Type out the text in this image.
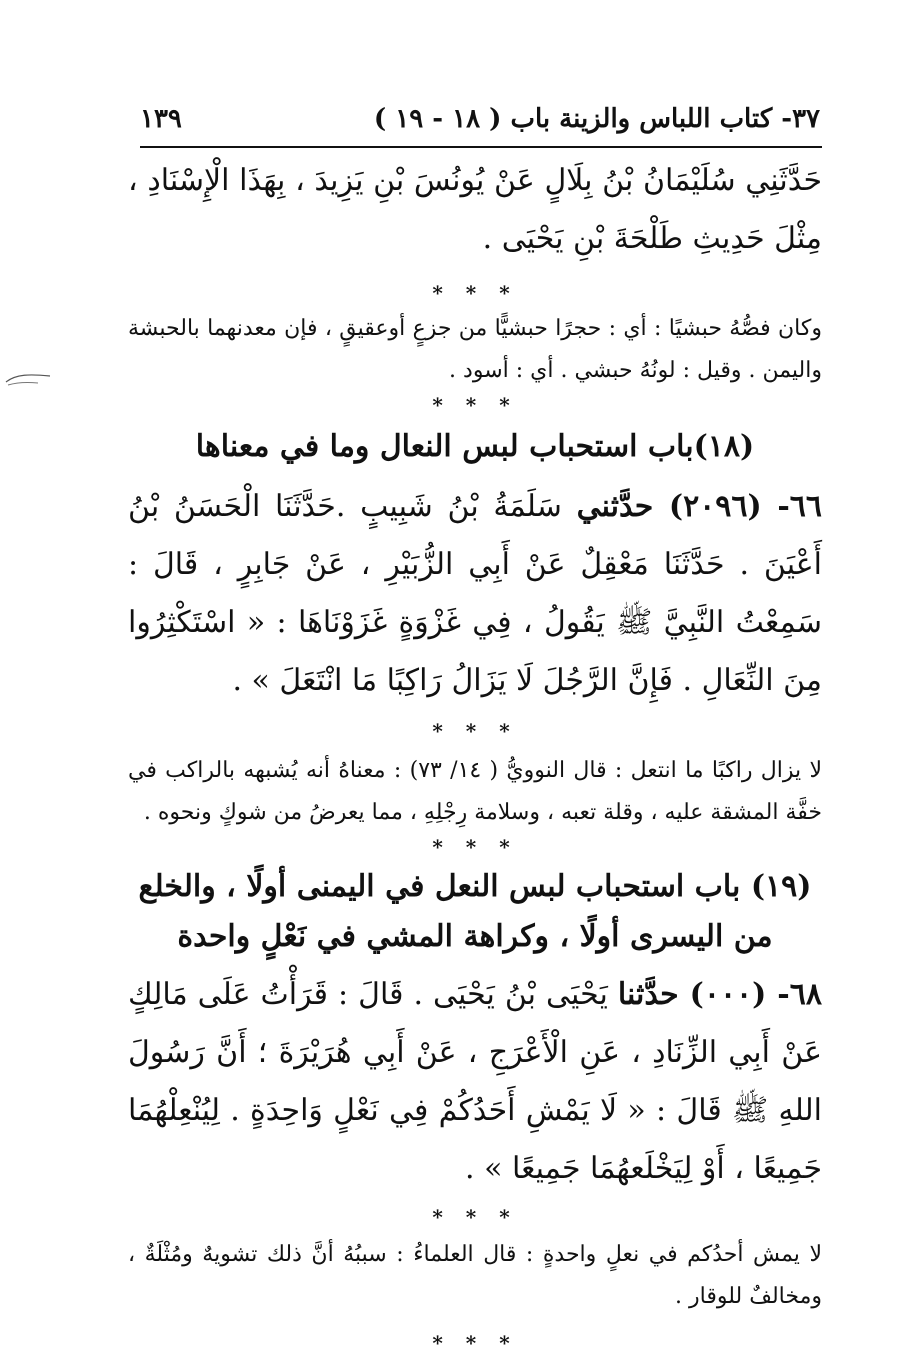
١٣٩	٣٧- كتاب اللباس والزينة باب ( ١٨ - ١٩ )

حَدَّثَنِي سُلَيْمَانُ بْنُ بِلَالٍ عَنْ يُونُسَ بْنِ يَزِيدَ ، بِهَذَا الْإِسْنَادِ ، مِثْلَ حَدِيثِ طَلْحَةَ بْنِ يَحْيَى .

* * *

وكان فصُّهُ حبشيًا : أي : حجرًا حبشيًّا من جزعٍ أوعقيقٍ ، فإن معدنهما بالحبشة واليمن . وقيل : لونُهُ حبشي . أي : أسود .

* * *
(١٨)باب استحباب لبس النعال وما في معناها

٦٦- (٢٠٩٦) حدَّثني سَلَمَةُ بْنُ شَبِيبٍ .حَدَّثَنَا الْحَسَنُ بْنُ أَعْيَنَ . حَدَّثَنَا مَعْقِلٌ عَنْ أَبِي الزُّبَيْرِ ، عَنْ جَابِرٍ ، قَالَ : سَمِعْتُ النَّبِيَّ ﷺ يَقُولُ ، فِي غَزْوَةٍ غَزَوْنَاهَا : « اسْتَكْثِرُوا مِنَ النِّعَالِ . فَإِنَّ الرَّجُلَ لَا يَزَالُ رَاكِبًا مَا انْتَعَلَ » .

* * *

لا يزال راكبًا ما انتعل : قال النوويُّ ( ١٤/ ٧٣) : معناهُ أنه يُشبهه بالراكب في خفَّة المشقة عليه ، وقلة تعبه ، وسلامة رِجْلِهِ ، مما يعرضُ من شوكٍ ونحوه .

* * *
(١٩) باب استحباب لبس النعل في اليمنى أولًا ، والخلع من اليسرى أولًا ، وكراهة المشي في نَعْلٍ واحدة

٦٨- (٠٠٠) حدَّثنا يَحْيَى بْنُ يَحْيَى . قَالَ : قَرَأْتُ عَلَى مَالِكٍ عَنْ أَبِي الزِّنَادِ ، عَنِ الْأَعْرَجِ ، عَنْ أَبِي هُرَيْرَةَ ؛ أَنَّ رَسُولَ اللهِ ﷺ قَالَ : « لَا يَمْشِ أَحَدُكُمْ فِي نَعْلٍ وَاحِدَةٍ . لِيُنْعِلْهُمَا جَمِيعًا ، أَوْ لِيَخْلَعهُمَا جَمِيعًا » .

* * *

لا يمش أحدُكم في نعلٍ واحدةٍ : قال العلماءُ : سببُهُ أنَّ ذلك تشويهٌ ومُثْلَةٌ ، ومخالفٌ للوقار .

* * *
